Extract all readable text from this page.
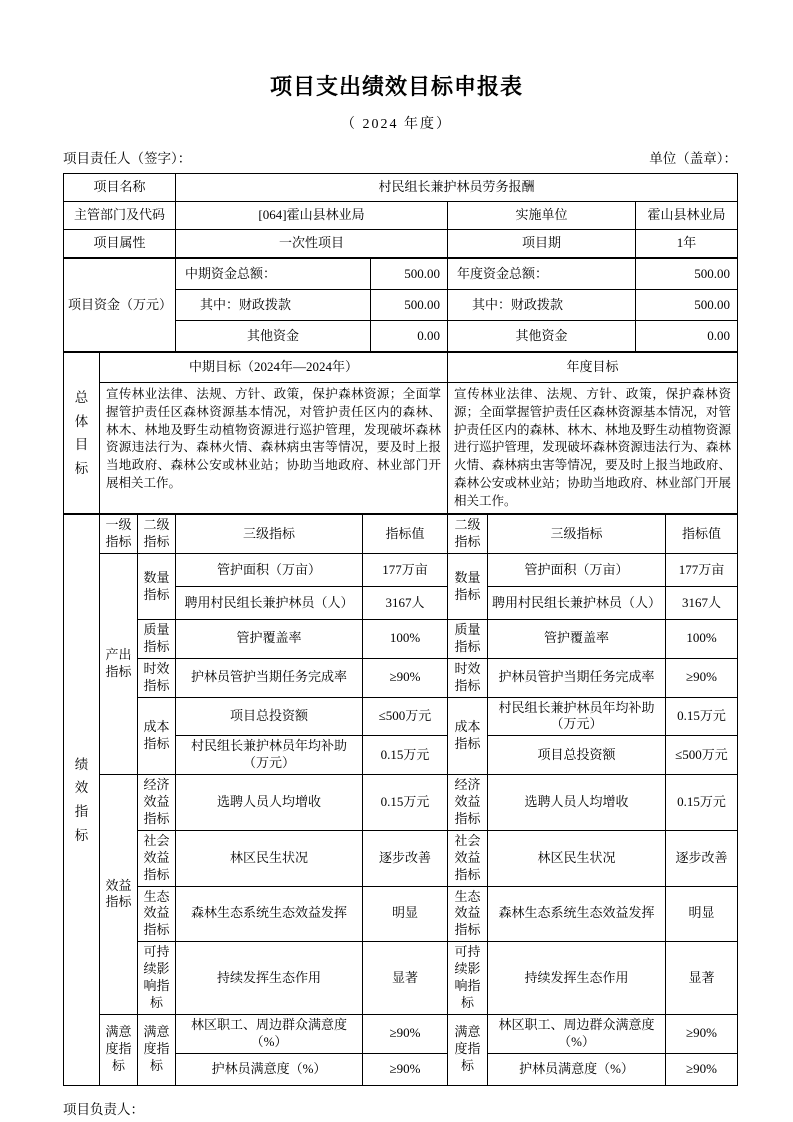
项目支出绩效目标申报表
（ 2024 年度）
项目责任人（签字）：	单位（盖章）：
项目名称	村民组长兼护林员劳务报酬		
主管部门及代码	[064]霍山县林业局	实施单位	霍山县林业局
项目属性	一次性项目	项目期	1年
项目资金（万元）	中期资金总额：	500.00	年度资金总额：	500.00
	其中：财政拨款	500.00	其中：财政拨款	500.00
	其他资金	0.00	其他资金	0.00
总体目标	中期目标（2024年—2024年）	年度目标
	宣传林业法律、法规、方针、政策，保护森林资源；全面掌握管护责任区森林资源基本情况，对管护责任区内的森林、林木、林地及野生动植物资源进行巡护管理，发现破坏森林资源违法行为、森林火情、森林病虫害等情况，要及时上报当地政府、森林公安或林业站；协助当地政府、林业部门开展相关工作。	宣传林业法律、法规、方针、政策，保护森林资源；全面掌握管护责任区森林资源基本情况，对管护责任区内的森林、林木、林地及野生动植物资源进行巡护管理，发现破坏森林资源违法行为、森林火情、森林病虫害等情况，要及时上报当地政府、森林公安或林业站；协助当地政府、林业部门开展相关工作。
绩效指标	一级指标	二级指标	三级指标	指标值	二级指标	三级指标	指标值
	产出指标	数量指标	管护面积（万亩）	177万亩	数量指标	管护面积（万亩）	177万亩
			聘用村民组长兼护林员（人）	3167人		聘用村民组长兼护林员（人）	3167人
		质量指标	管护覆盖率	100%	质量指标	管护覆盖率	100%
		时效指标	护林员管护当期任务完成率	≥90%	时效指标	护林员管护当期任务完成率	≥90%
		成本指标	项目总投资额	≤500万元	成本指标	村民组长兼护林员年均补助（万元）	0.15万元
			村民组长兼护林员年均补助（万元）	0.15万元		项目总投资额	≤500万元
	效益指标	经济效益指标	选聘人员人均增收	0.15万元	经济效益指标	选聘人员人均增收	0.15万元
		社会效益指标	林区民生状况	逐步改善	社会效益指标	林区民生状况	逐步改善
		生态效益指标	森林生态系统生态效益发挥	明显	生态效益指标	森林生态系统生态效益发挥	明显
		可持续影响指标	持续发挥生态作用	显著	可持续影响指标	持续发挥生态作用	显著
	满意度指标	满意度指标	林区职工、周边群众满意度（%）	≥90%	满意度指标	林区职工、周边群众满意度（%）	≥90%
			护林员满意度（%）	≥90%		护林员满意度（%）	≥90%
项目负责人：
